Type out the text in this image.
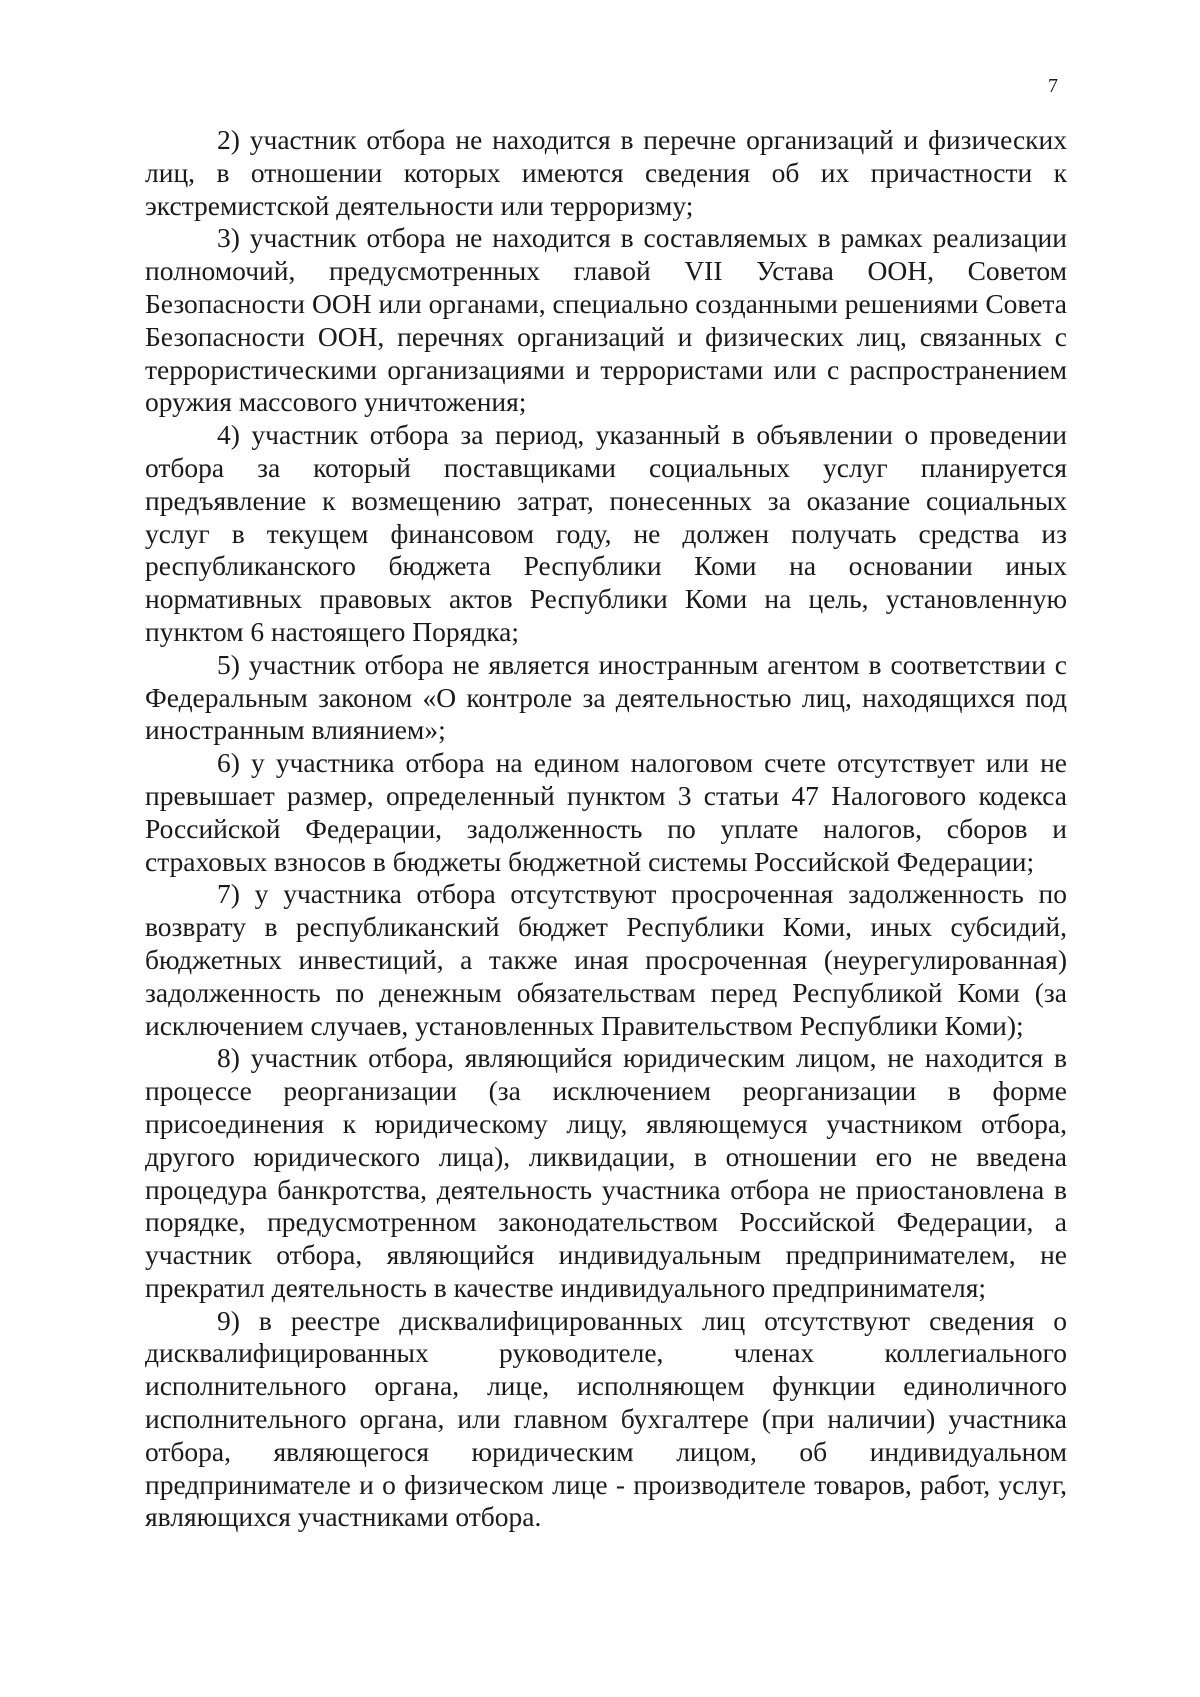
7

2) участник отбора не находится в перечне организаций и физических лиц, в отношении которых имеются сведения об их причастности к экстремистской деятельности или терроризму;

3) участник отбора не находится в составляемых в рамках реализации полномочий, предусмотренных главой VII Устава ООН, Советом Безопасности ООН или органами, специально созданными решениями Совета Безопасности ООН, перечнях организаций и физических лиц, связанных с террористическими организациями и террористами или с распространением оружия массового уничтожения;

4) участник отбора за период, указанный в объявлении о проведении отбора за который поставщиками социальных услуг планируется предъявление к возмещению затрат, понесенных за оказание социальных услуг в текущем финансовом году, не должен получать средства из республиканского бюджета Республики Коми на основании иных нормативных правовых актов Республики Коми на цель, установленную пунктом 6 настоящего Порядка;

5) участник отбора не является иностранным агентом в соответствии с Федеральным законом «О контроле за деятельностью лиц, находящихся под иностранным влиянием»;

6) у участника отбора на едином налоговом счете отсутствует или не превышает размер, определенный пунктом 3 статьи 47 Налогового кодекса Российской Федерации, задолженность по уплате налогов, сборов и страховых взносов в бюджеты бюджетной системы Российской Федерации;

7) у участника отбора отсутствуют просроченная задолженность по возврату в республиканский бюджет Республики Коми, иных субсидий, бюджетных инвестиций, а также иная просроченная (неурегулированная) задолженность по денежным обязательствам перед Республикой Коми (за исключением случаев, установленных Правительством Республики Коми);

8) участник отбора, являющийся юридическим лицом, не находится в процессе реорганизации (за исключением реорганизации в форме присоединения к юридическому лицу, являющемуся участником отбора, другого юридического лица), ликвидации, в отношении его не введена процедура банкротства, деятельность участника отбора не приостановлена в порядке, предусмотренном законодательством Российской Федерации, а участник отбора, являющийся индивидуальным предпринимателем, не прекратил деятельность в качестве индивидуального предпринимателя;

9) в реестре дисквалифицированных лиц отсутствуют сведения о дисквалифицированных руководителе, членах коллегиального исполнительного органа, лице, исполняющем функции единоличного исполнительного органа, или главном бухгалтере (при наличии) участника отбора, являющегося юридическим лицом, об индивидуальном предпринимателе и о физическом лице - производителе товаров, работ, услуг, являющихся участниками отбора.
